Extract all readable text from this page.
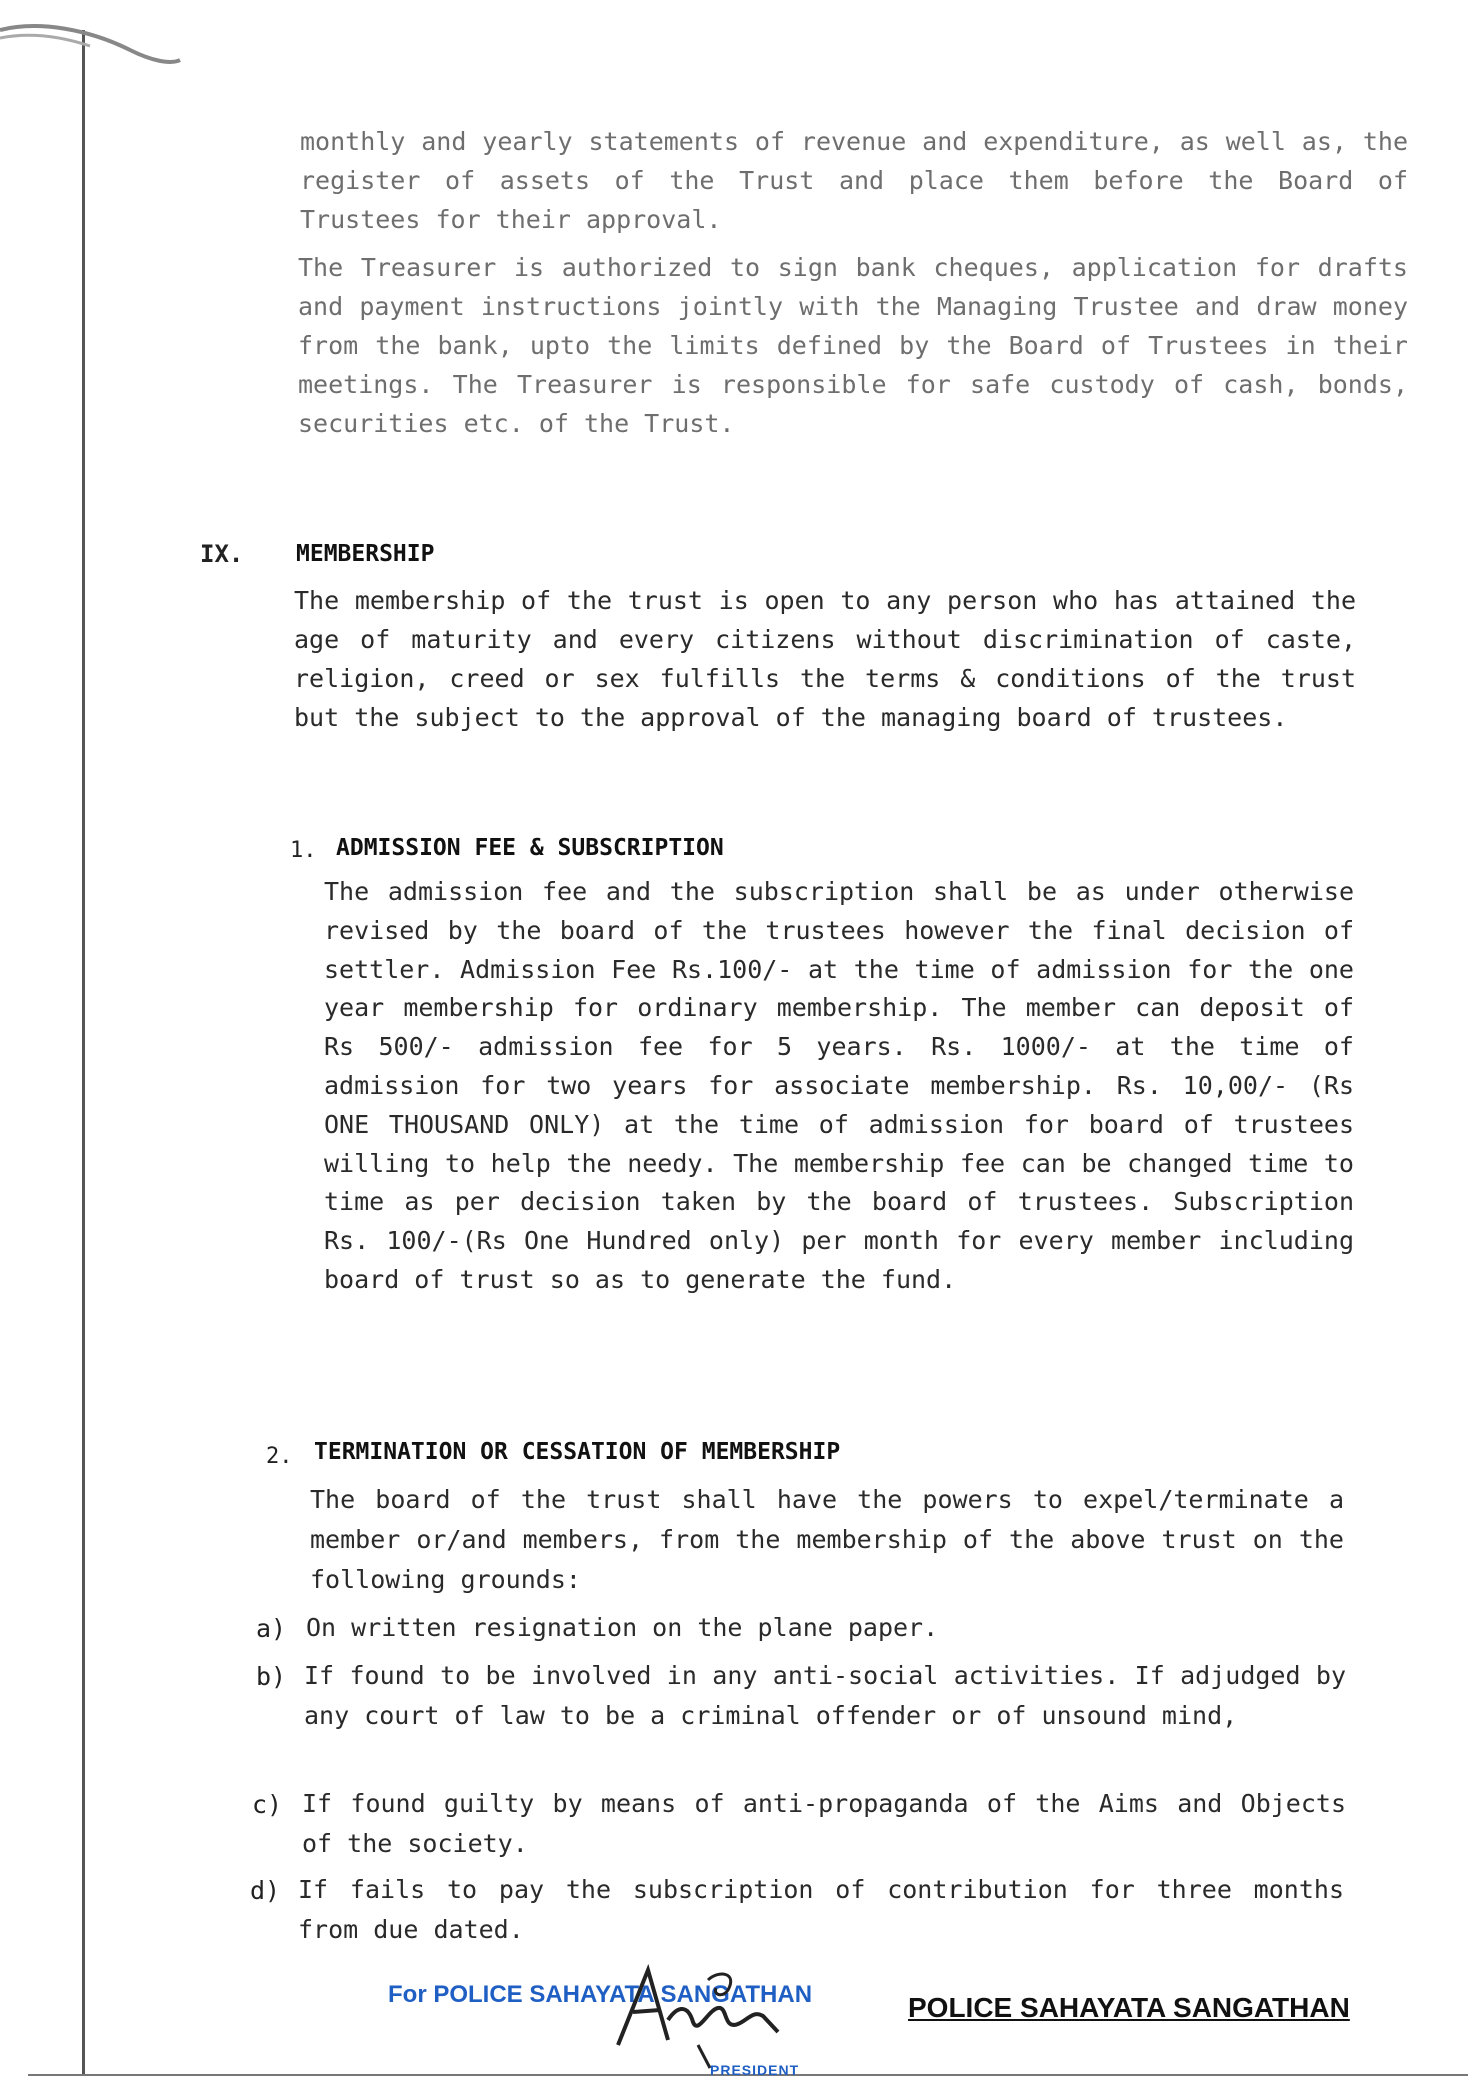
monthly and yearly statements of revenue and expenditure, as well as, the register of assets of the Trust and place them before the Board of Trustees for their approval.

The Treasurer is authorized to sign bank cheques, application for drafts and payment instructions jointly with the Managing Trustee and draw money from the bank, upto the limits defined by the Board of Trustees in their meetings. The Treasurer is responsible for safe custody of cash, bonds, securities etc. of the Trust.

IX. MEMBERSHIP

The membership of the trust is open to any person who has attained the age of maturity and every citizens without discrimination of caste, religion, creed or sex fulfills the terms & conditions of the trust but the subject to the approval of the managing board of trustees.

1. ADMISSION FEE & SUBSCRIPTION

The admission fee and the subscription shall be as under otherwise revised by the board of the trustees however the final decision of settler. Admission Fee Rs.100/- at the time of admission for the one year membership for ordinary membership. The member can deposit of Rs 500/- admission fee for 5 years. Rs. 1000/- at the time of admission for two years for associate membership. Rs. 10,00/- (Rs ONE THOUSAND ONLY) at the time of admission for board of trustees willing to help the needy. The membership fee can be changed time to time as per decision taken by the board of trustees. Subscription Rs. 100/-(Rs One Hundred only) per month for every member including board of trust so as to generate the fund.

2. TERMINATION OR CESSATION OF MEMBERSHIP

The board of the trust shall have the powers to expel/terminate a member or/and members, from the membership of the above trust on the following grounds:

a) On written resignation on the plane paper.

b) If found to be involved in any anti-social activities. If adjudged by any court of law to be a criminal offender or of unsound mind,

c) If found guilty by means of anti-propaganda of the Aims and Objects of the society.

d) If fails to pay the subscription of contribution for three months from due dated.

For POLICE SAHAYATA SANGATHAN
PRESIDENT
POLICE SAHAYATA SANGATHAN
